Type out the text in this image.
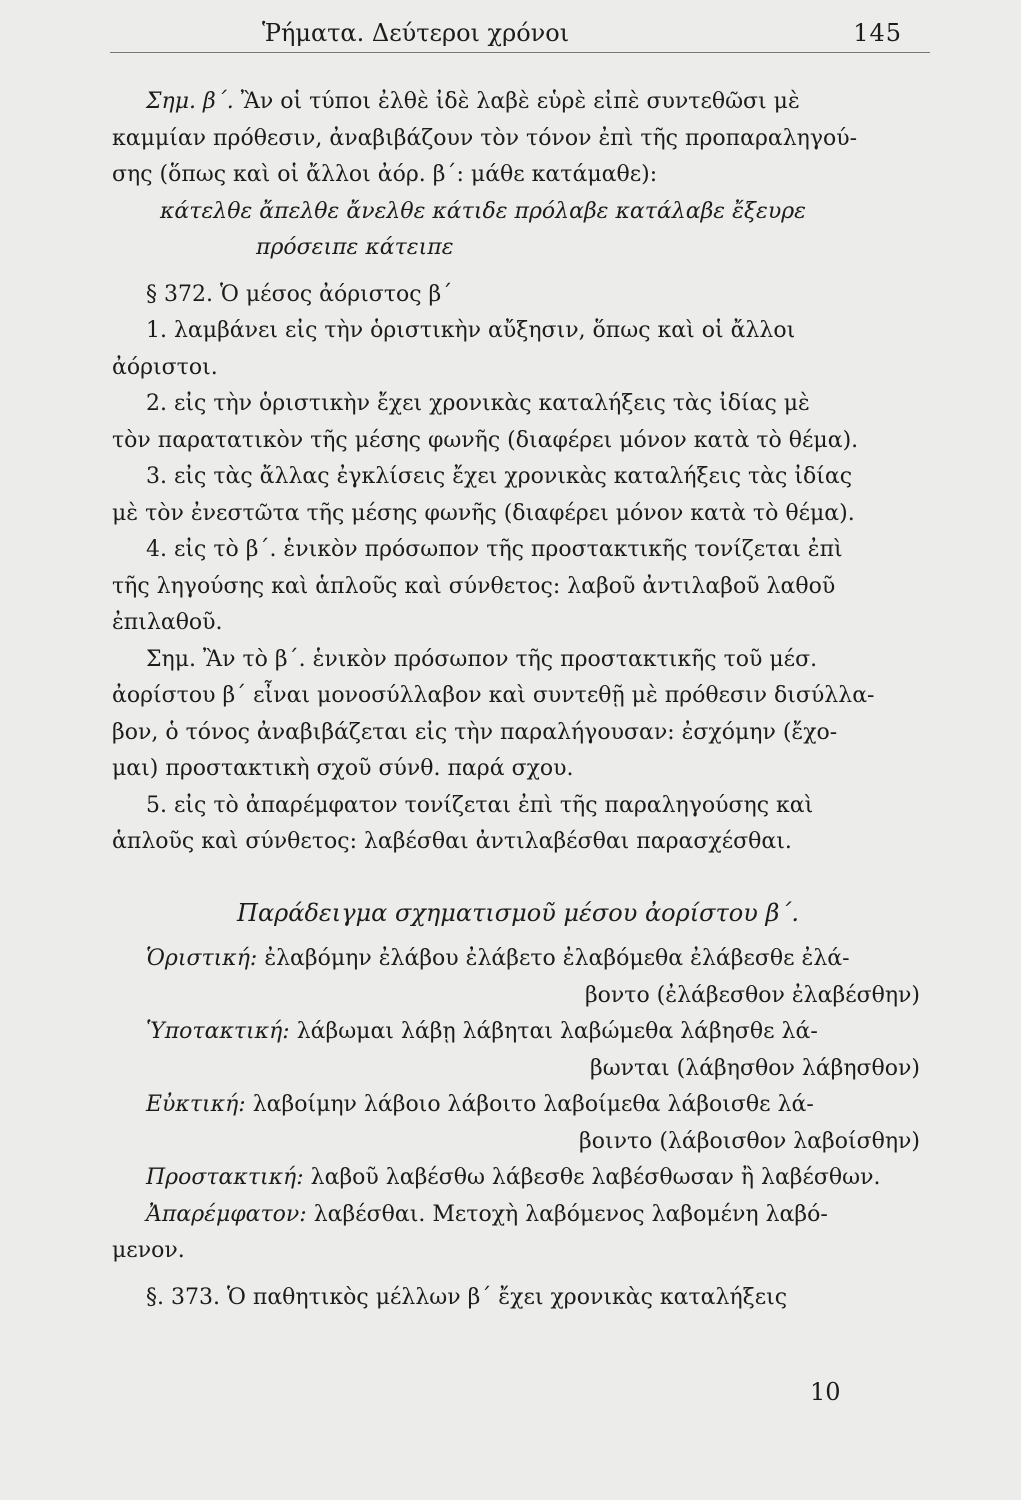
Ῥήματα. Δεύτεροι χρόνοι	145

Σημ. β΄. Ἂν οἱ τύποι ἐλθὲ ἰδὲ λαβὲ εὑρὲ εἰπὲ συντεθῶσι μὲ

καμμίαν πρόθεσιν, ἀναβιβάζουν τὸν τόνον ἐπὶ τῆς προπαραληγού-

σης (ὅπως καὶ οἱ ἄλλοι ἀόρ. β΄: μάθε κατάμαθε):

κάτελθε ἄπελθε ἄνελθε κάτιδε πρόλαβε κατάλαβε ἔξευρε

πρόσειπε κάτειπε

§ 372. Ὁ μέσος ἀόριστος β΄

1. λαμβάνει εἰς τὴν ὁριστικὴν αὔξησιν, ὅπως καὶ οἱ ἄλλοι

ἀόριστοι.

2. εἰς τὴν ὁριστικὴν ἔχει χρονικὰς καταλήξεις τὰς ἰδίας μὲ

τὸν παρατατικὸν τῆς μέσης φωνῆς (διαφέρει μόνον κατὰ τὸ θέμα).

3. εἰς τὰς ἄλλας ἐγκλίσεις ἔχει χρονικὰς καταλήξεις τὰς ἰδίας

μὲ τὸν ἐνεστῶτα τῆς μέσης φωνῆς (διαφέρει μόνον κατὰ τὸ θέμα).

4. εἰς τὸ β΄. ἑνικὸν πρόσωπον τῆς προστακτικῆς τονίζεται ἐπὶ

τῆς ληγούσης καὶ ἁπλοῦς καὶ σύνθετος: λαβοῦ ἀντιλαβοῦ λαθοῦ

ἐπιλαθοῦ.

Σημ. Ἂν τὸ β΄. ἑνικὸν πρόσωπον τῆς προστακτικῆς τοῦ μέσ.

ἀορίστου β΄ εἶναι μονοσύλλαβον καὶ συντεθῇ μὲ πρόθεσιν δισύλλα-

βον, ὁ τόνος ἀναβιβάζεται εἰς τὴν παραλήγουσαν: ἐσχόμην (ἔχο-

μαι) προστακτικὴ σχοῦ σύνθ. παρά σχου.

5. εἰς τὸ ἀπαρέμφατον τονίζεται ἐπὶ τῆς παραληγούσης καὶ

ἁπλοῦς καὶ σύνθετος: λαβέσθαι ἀντιλαβέσθαι παρασχέσθαι.

Παράδειγμα σχηματισμοῦ μέσου ἀορίστου β΄.

Ὁριστική: ἐλαβόμην ἐλάβου ἐλάβετο ἐλαβόμεθα ἐλάβεσθε ἐλά-

βοντο (ἐλάβεσθον ἐλαβέσθην)

Ὑποτακτική: λάβωμαι λάβῃ λάβηται λαβώμεθα λάβησθε λά-

βωνται (λάβησθον λάβησθον)

Εὐκτική: λαβοίμην λάβοιο λάβοιτο λαβοίμεθα λάβοισθε λά-

βοιντο (λάβοισθον λαβοίσθην)

Προστακτική: λαβοῦ λαβέσθω λάβεσθε λαβέσθωσαν ἢ λαβέσθων.

Ἀπαρέμφατον: λαβέσθαι. Μετοχὴ λαβόμενος λαβομένη λαβό-

μενον.

§. 373. Ὁ παθητικὸς μέλλων β΄ ἔχει χρονικὰς καταλήξεις

10
